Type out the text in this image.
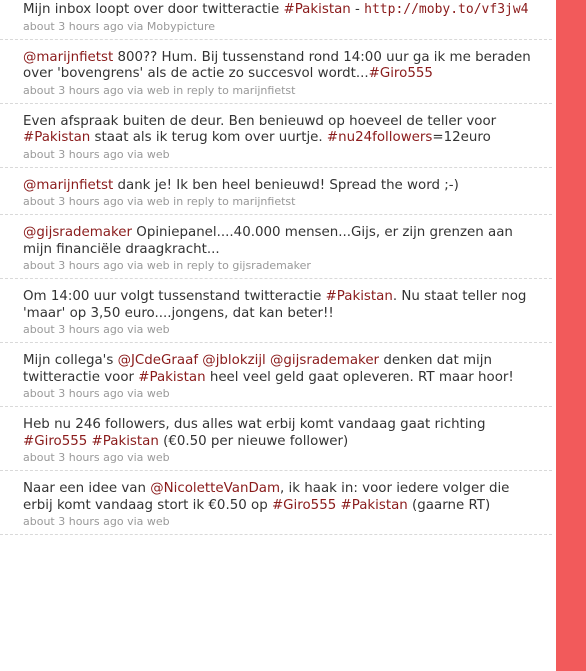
Mijn inbox loopt over door twitteractie #Pakistan - http://moby.to/vf3jw4
about 3 hours ago via Mobypicture
@marijnfietst 800?? Hum. Bij tussenstand rond 14:00 uur ga ik me beraden over 'bovengrens' als de actie zo succesvol wordt...#Giro555
about 3 hours ago via web in reply to marijnfietst
Even afspraak buiten de deur. Ben benieuwd op hoeveel de teller voor #Pakistan staat als ik terug kom over uurtje. #nu24followers=12euro
about 3 hours ago via web
@marijnfietst dank je! Ik ben heel benieuwd! Spread the word ;-)
about 3 hours ago via web in reply to marijnfietst
@gijsrademaker Opiniepanel....40.000 mensen...Gijs, er zijn grenzen aan mijn financiële draagkracht...
about 3 hours ago via web in reply to gijsrademaker
Om 14:00 uur volgt tussenstand twitteractie #Pakistan. Nu staat teller nog 'maar' op 3,50 euro....jongens, dat kan beter!!
about 3 hours ago via web
Mijn collega's @JCdeGraaf @jblokzijl @gijsrademaker denken dat mijn twitteractie voor #Pakistan heel veel geld gaat opleveren. RT maar hoor!
about 3 hours ago via web
Heb nu 246 followers, dus alles wat erbij komt vandaag gaat richting #Giro555 #Pakistan (€0.50 per nieuwe follower)
about 3 hours ago via web
Naar een idee van @NicoletteVanDam, ik haak in: voor iedere volger die erbij komt vandaag stort ik €0.50 op #Giro555 #Pakistan (gaarne RT)
about 3 hours ago via web
